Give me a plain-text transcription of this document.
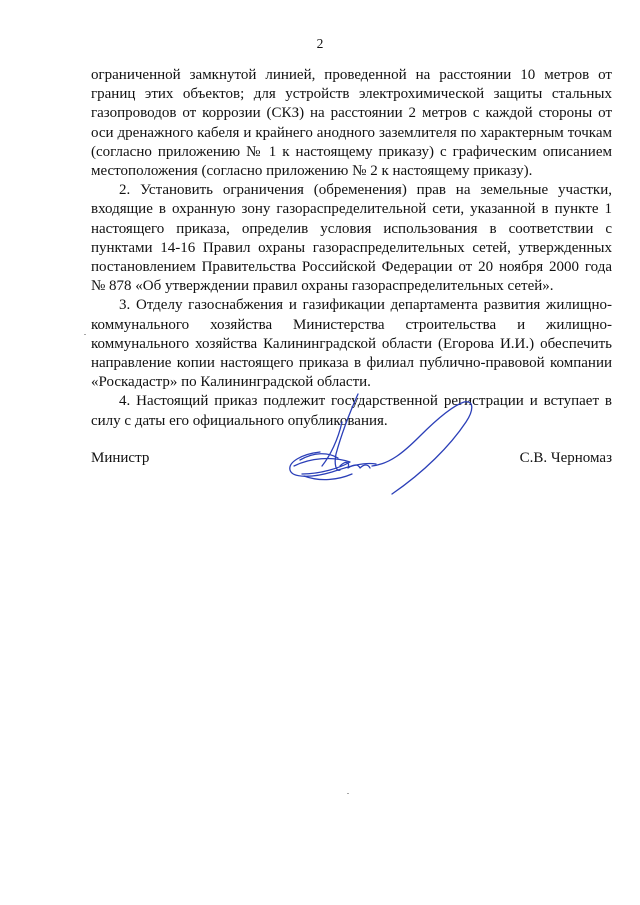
2

ограниченной замкнутой линией, проведенной на расстоянии 10 метров от границ этих объектов; для устройств электрохимической защиты стальных газопроводов от коррозии (СКЗ) на расстоянии 2 метров с каждой стороны от оси дренажного кабеля и крайнего анодного заземлителя по характерным точкам (согласно приложению № 1 к настоящему приказу) с графическим описанием местоположения (согласно приложению № 2 к настоящему приказу).

2. Установить ограничения (обременения) прав на земельные участки, входящие в охранную зону газораспределительной сети, указанной в пункте 1 настоящего приказа, определив условия использования в соответствии с пунктами 14-16 Правил охраны газораспределительных сетей, утвержденных постановлением Правительства Российской Федерации от 20 ноября 2000 года № 878 «Об утверждении правил охраны газораспределительных сетей».

3. Отделу газоснабжения и газификации департамента развития жилищно-коммунального хозяйства Министерства строительства и жилищно-коммунального хозяйства Калининградской области (Егорова И.И.) обеспечить направление копии настоящего приказа в филиал публично-правовой компании «Роскадастр» по Калининградской области.

4. Настоящий приказ подлежит государственной регистрации и вступает в силу с даты его официального опубликования.

Министр	С.В. Черномаз
